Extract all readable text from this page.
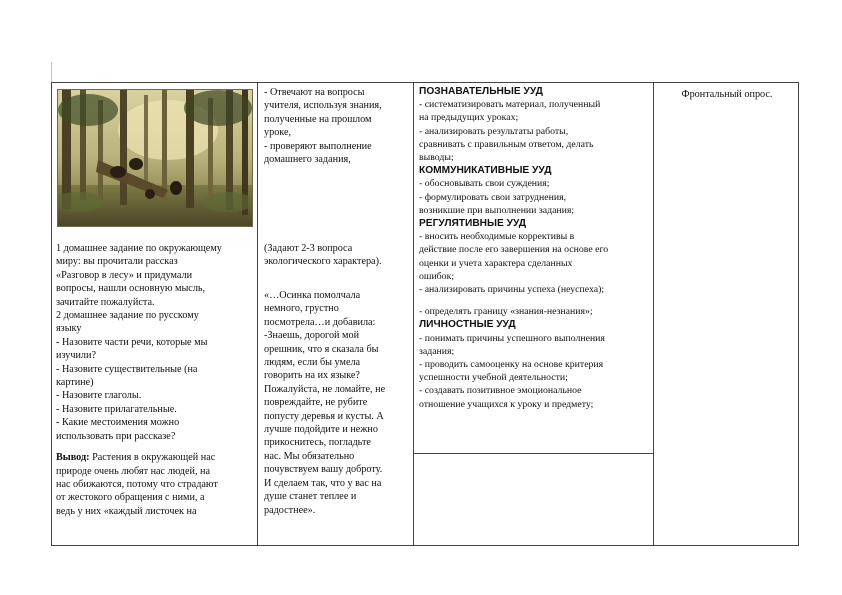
1 домашнее задание по окружающему

миру: вы прочитали рассказ

«Разговор в лесу» и придумали

вопросы, нашли основную мысль,

зачитайте пожалуйста.

2 домашнее задание по русскому

языку

- Назовите части речи, которые мы

изучили?

- Назовите существительные (на

картине)

- Назовите глаголы.

- Назовите прилагательные.

- Какие местоимения можно

использовать при рассказе?

Вывод: Растения в окружающей нас

природе очень любят нас людей, на

нас обижаются, потому что страдают

от жестокого обращения с ними, а

ведь у них «каждый листочек на

- Отвечают на вопросы

учителя, используя знания,

полученные на прошлом

уроке,

- проверяют выполнение

домашнего задания,

(Задают 2-3 вопроса

экологического характера).

«…Осинка помолчала

немного, грустно

посмотрела…и добавила:

-Знаешь, дорогой мой

орешник, что я сказала бы

людям, если бы умела

говорить на их языке?

Пожалуйста, не ломайте, не

повреждайте, не рубите

попусту деревья и кусты. А

лучше подойдите и нежно

прикоснитесь, погладьте

нас. Мы обязательно

почувствуем вашу доброту.

И сделаем так, что у вас на

душе станет теплее и

радостнее».

ПОЗНАВАТЕЛЬНЫЕ УУД

- систематизировать материал, полученный

на предыдущих уроках;

- анализировать результаты работы,

сравнивать с правильным ответом, делать

выводы;

КОММУНИКАТИВНЫЕ УУД

- обосновывать свои суждения;

- формулировать свои затруднения,

возникшие при выполнении задания;

РЕГУЛЯТИВНЫЕ УУД

- вносить необходимые коррективы в

действие после его завершения на основе его

оценки и учета характера сделанных

ошибок;

- анализировать причины успеха (неуспеха);

- определять границу «знания-незнания»;

ЛИЧНОСТНЫЕ УУД

- понимать причины успешного выполнения

задания;

- проводить самооценку на основе критерия

успешности учебной деятельности;

- создавать позитивное эмоциональное

отношение учащихся к уроку и предмету;

Фронтальный опрос.
